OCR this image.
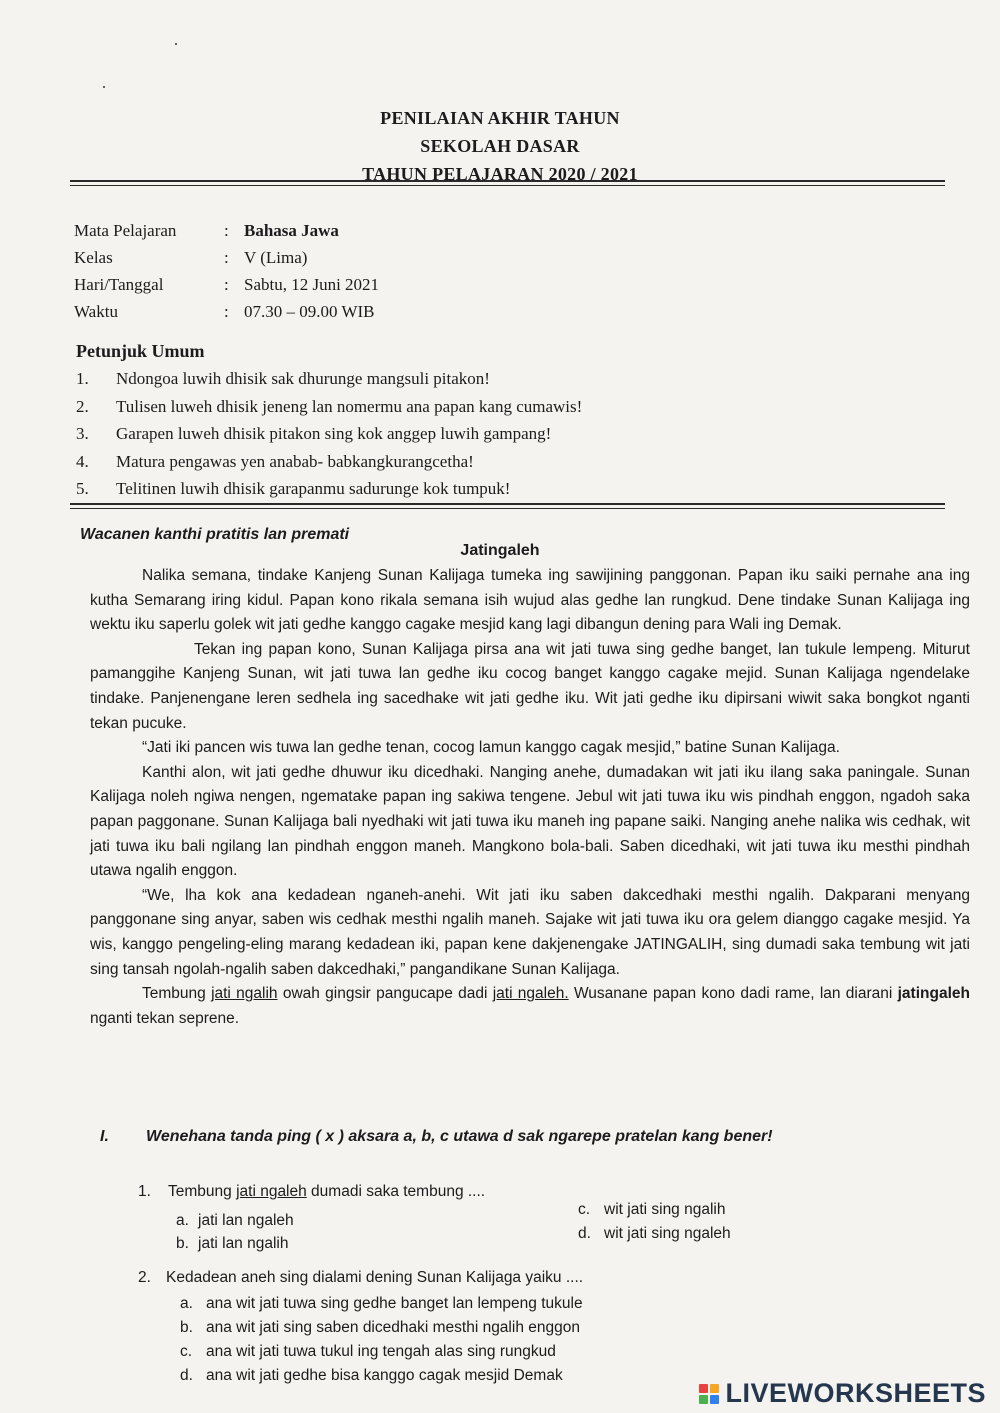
PENILAIAN AKHIR TAHUN
SEKOLAH DASAR
TAHUN PELAJARAN 2020 / 2021
Mata Pelajaran	: Bahasa Jawa
Kelas	: V (Lima)
Hari/Tanggal	: Sabtu, 12 Juni 2021
Waktu	: 07.30 – 09.00 WIB
Petunjuk Umum
1.	Ndongoa luwih dhisik sak dhurunge mangsuli pitakon!
2.	Tulisen luweh dhisik jeneng lan nomermu ana papan kang cumawis!
3.	Garapen luweh dhisik pitakon sing kok anggep luwih gampang!
4.	Matura pengawas yen anabab- babkangkurangcetha!
5.	Telitinen luwih dhisik garapanmu sadurunge kok tumpuk!
Wacanen kanthi pratitis lan premati
Jatingaleh

Nalika semana, tindake Kanjeng Sunan Kalijaga tumeka ing sawijining panggonan. Papan iku saiki pernahe ana ing kutha Semarang iring kidul. Papan kono rikala semana isih wujud alas gedhe lan rungkud. Dene tindake Sunan Kalijaga ing wektu iku saperlu golek wit jati gedhe kanggo cagake mesjid kang lagi dibangun dening para Wali ing Demak.

Tekan ing papan kono, Sunan Kalijaga pirsa ana wit jati tuwa sing gedhe banget, lan tukule lempeng. Miturut pamanggihe Kanjeng Sunan, wit jati tuwa lan gedhe iku cocog banget kanggo cagake mejid. Sunan Kalijaga ngendelake tindake. Panjenengane leren sedhela ing sacedhake wit jati gedhe iku. Wit jati gedhe iku dipirsani wiwit saka bongkot nganti tekan pucuke.

“Jati iki pancen wis tuwa lan gedhe tenan, cocog lamun kanggo cagak mesjid,” batine Sunan Kalijaga.

Kanthi alon, wit jati gedhe dhuwur iku dicedhaki. Nanging anehe, dumadakan wit jati iku ilang saka paningale. Sunan Kalijaga noleh ngiwa nengen, ngematake papan ing sakiwa tengene. Jebul wit jati tuwa iku wis pindhah enggon, ngadoh saka papan paggonane. Sunan Kalijaga bali nyedhaki wit jati tuwa iku maneh ing papane saiki. Nanging anehe nalika wis cedhak, wit jati tuwa iku bali ngilang lan pindhah enggon maneh. Mangkono bola-bali. Saben dicedhaki, wit jati tuwa iku mesthi pindhah utawa ngalih enggon.

“We, lha kok ana kedadean nganeh-anehi. Wit jati iku saben dakcedhaki mesthi ngalih. Dakparani menyang panggonane sing anyar, saben wis cedhak mesthi ngalih maneh. Sajake wit jati tuwa iku ora gelem dianggo cagake mesjid. Ya wis, kanggo pengeling-eling marang kedadean iki, papan kene dakjenengake JATINGALIH, sing dumadi saka tembung wit jati sing tansah ngolah-ngalih saben dakcedhaki,” pangandikane Sunan Kalijaga.

Tembung jati ngalih owah gingsir pangucape dadi jati ngaleh. Wusanane papan kono dadi rame, lan diarani jatingaleh nganti tekan seprene.

I.	Wenehana tanda ping ( x ) aksara a, b, c utawa d sak ngarepe pratelan kang bener!
1. Tembung jati ngaleh dumadi saka tembung ....
a. jati lan ngaleh
b. jati lan ngalih
c. wit jati sing ngalih
d. wit jati sing ngaleh
2. Kedadean aneh sing dialami dening Sunan Kalijaga yaiku ....
a. ana wit jati tuwa sing gedhe banget lan lempeng tukule
b. ana wit jati sing saben dicedhaki mesthi ngalih enggon
c. ana wit jati tuwa tukul ing tengah alas sing rungkud
d. ana wit jati gedhe bisa kanggo cagak mesjid Demak
LIVEWORKSHEETS
